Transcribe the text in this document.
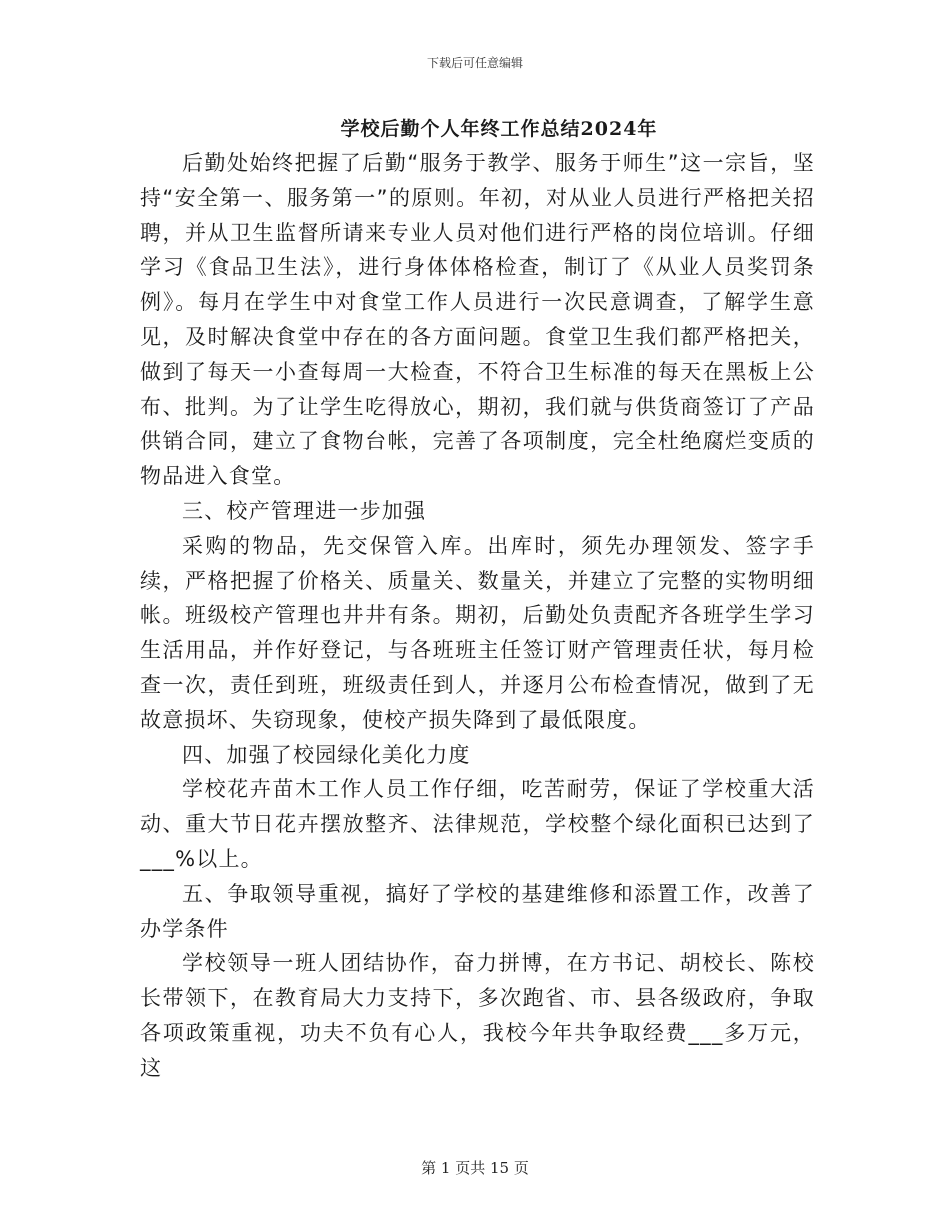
下载后可任意编辑
学校后勤个人年终工作总结2024年

后勤处始终把握了后勤“服务于教学、服务于师生”这一宗旨，坚持“安全第一、服务第一”的原则。年初，对从业人员进行严格把关招聘，并从卫生监督所请来专业人员对他们进行严格的岗位培训。仔细学习《食品卫生法》，进行身体体格检查，制订了《从业人员奖罚条例》。每月在学生中对食堂工作人员进行一次民意调查，了解学生意见，及时解决食堂中存在的各方面问题。食堂卫生我们都严格把关，做到了每天一小查每周一大检查，不符合卫生标准的每天在黑板上公布、批判。为了让学生吃得放心，期初，我们就与供货商签订了产品供销合同，建立了食物台帐，完善了各项制度，完全杜绝腐烂变质的物品进入食堂。

三、校产管理进一步加强

采购的物品，先交保管入库。出库时，须先办理领发、签字手续，严格把握了价格关、质量关、数量关，并建立了完整的实物明细帐。班级校产管理也井井有条。期初，后勤处负责配齐各班学生学习生活用品，并作好登记，与各班班主任签订财产管理责任状，每月检查一次，责任到班，班级责任到人，并逐月公布检查情况，做到了无故意损坏、失窃现象，使校产损失降到了最低限度。

四、加强了校园绿化美化力度

学校花卉苗木工作人员工作仔细，吃苦耐劳，保证了学校重大活动、重大节日花卉摆放整齐、法律规范，学校整个绿化面积已达到了___%以上。

五、争取领导重视，搞好了学校的基建维修和添置工作，改善了办学条件

学校领导一班人团结协作，奋力拼博，在方书记、胡校长、陈校长带领下，在教育局大力支持下，多次跑省、市、县各级政府，争取各项政策重视，功夫不负有心人，我校今年共争取经费___多万元，这

第 1 页共 15 页
